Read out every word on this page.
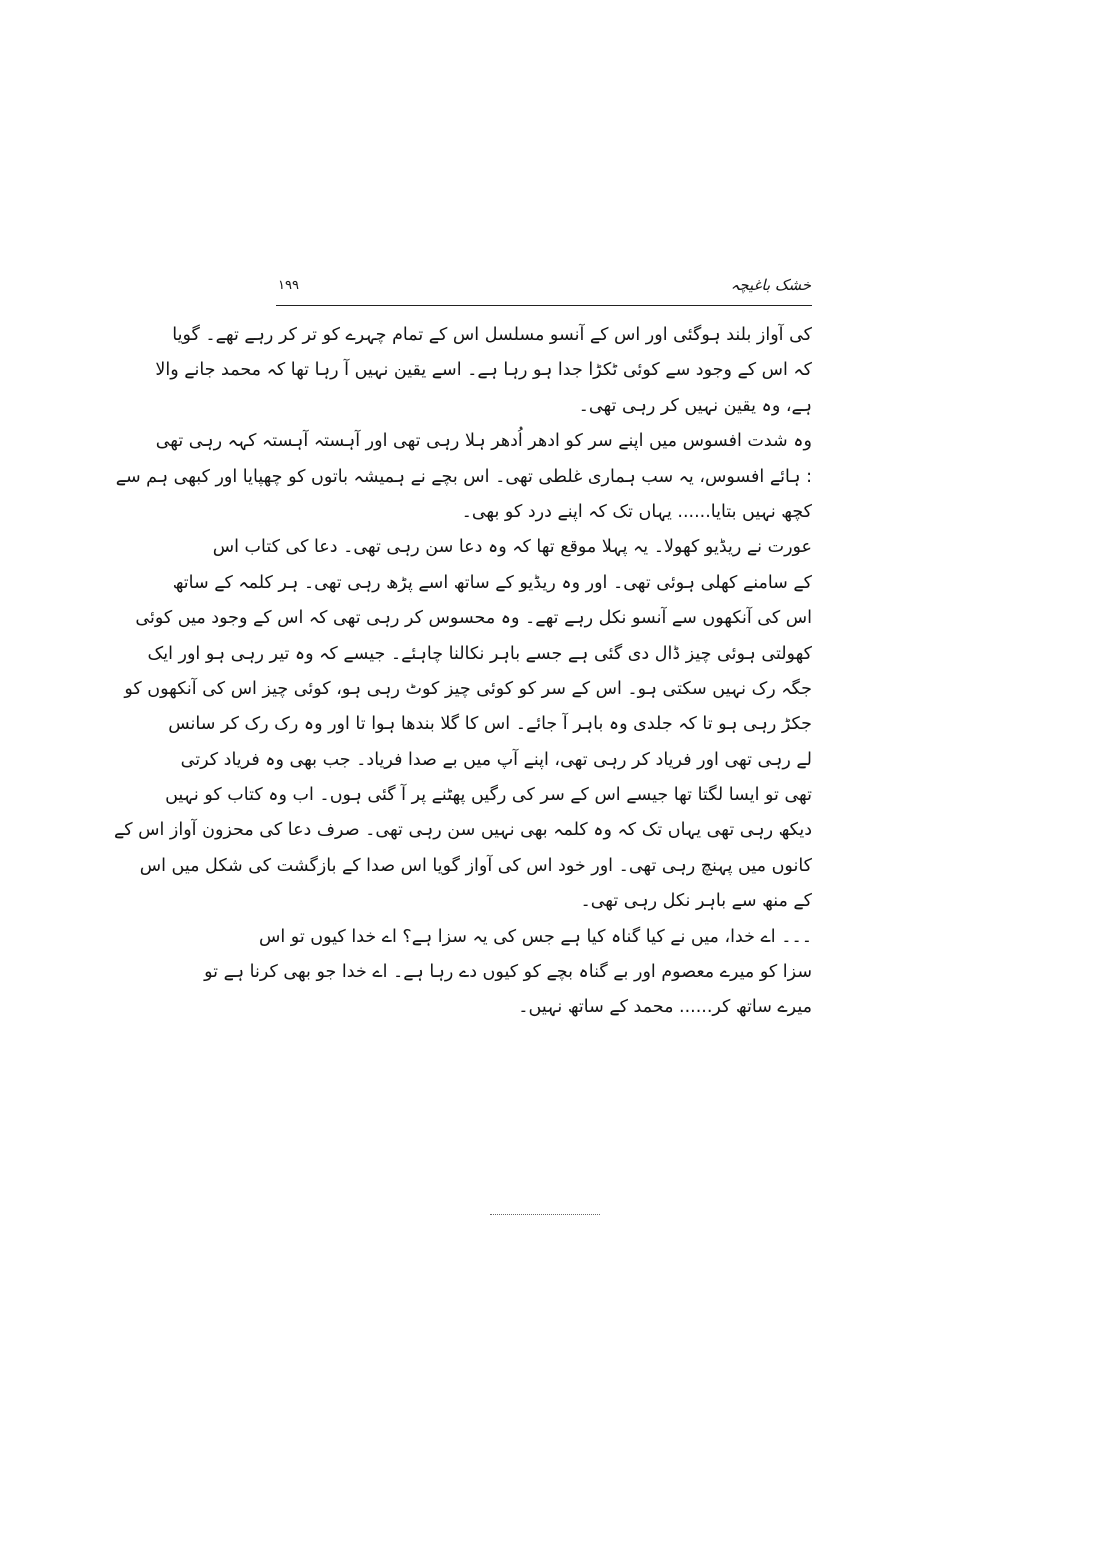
خشک باغیچہ
۱۹۹
کی آواز بلند ہوگئی اور اس کے آنسو مسلسل اس کے تمام چہرے کو تر کر رہے تھے۔ گویا
کہ اس کے وجود سے کوئی ٹکڑا جدا ہو رہا ہے۔ اسے یقین نہیں آ رہا تھا کہ محمد جانے والا
ہے، وہ یقین نہیں کر رہی تھی۔
وہ شدت افسوس میں اپنے سر کو ادھر اُدھر ہلا رہی تھی اور آہستہ آہستہ کہہ رہی تھی
: ہائے افسوس، یہ سب ہماری غلطی تھی۔ اس بچے نے ہمیشہ باتوں کو چھپایا اور کبھی ہم سے
کچھ نہیں بتایا...... یہاں تک کہ اپنے درد کو بھی۔
عورت نے ریڈیو کھولا۔ یہ پہلا موقع تھا کہ وہ دعا سن رہی تھی۔ دعا کی کتاب اس
کے سامنے کھلی ہوئی تھی۔ اور وہ ریڈیو کے ساتھ اسے پڑھ رہی تھی۔ ہر کلمہ کے ساتھ
اس کی آنکھوں سے آنسو نکل رہے تھے۔ وہ محسوس کر رہی تھی کہ اس کے وجود میں کوئی
کھولتی ہوئی چیز ڈال دی گئی ہے جسے باہر نکالنا چاہئے۔ جیسے کہ وہ تیر رہی ہو اور ایک
جگہ رک نہیں سکتی ہو۔ اس کے سر کو کوئی چیز کوٹ رہی ہو، کوئی چیز اس کی آنکھوں کو
جکڑ رہی ہو تا کہ جلدی وہ باہر آ جائے۔ اس کا گلا بندھا ہوا تا اور وہ رک رک کر سانس
لے رہی تھی اور فریاد کر رہی تھی، اپنے آپ میں بے صدا فریاد۔ جب بھی وہ فریاد کرتی
تھی تو ایسا لگتا تھا جیسے اس کے سر کی رگیں پھٹنے پر آ گئی ہوں۔ اب وہ کتاب کو نہیں
دیکھ رہی تھی یہاں تک کہ وہ کلمہ بھی نہیں سن رہی تھی۔ صرف دعا کی محزون آواز اس کے
کانوں میں پہنچ رہی تھی۔ اور خود اس کی آواز گویا اس صدا کے بازگشت کی شکل میں اس
کے منھ سے باہر نکل رہی تھی۔
۔۔۔ اے خدا، میں نے کیا گناہ کیا ہے جس کی یہ سزا ہے؟ اے خدا کیوں تو اس
سزا کو میرے معصوم اور بے گناہ بچے کو کیوں دے رہا ہے۔ اے خدا جو بھی کرنا ہے تو
میرے ساتھ کر...... محمد کے ساتھ نہیں۔
